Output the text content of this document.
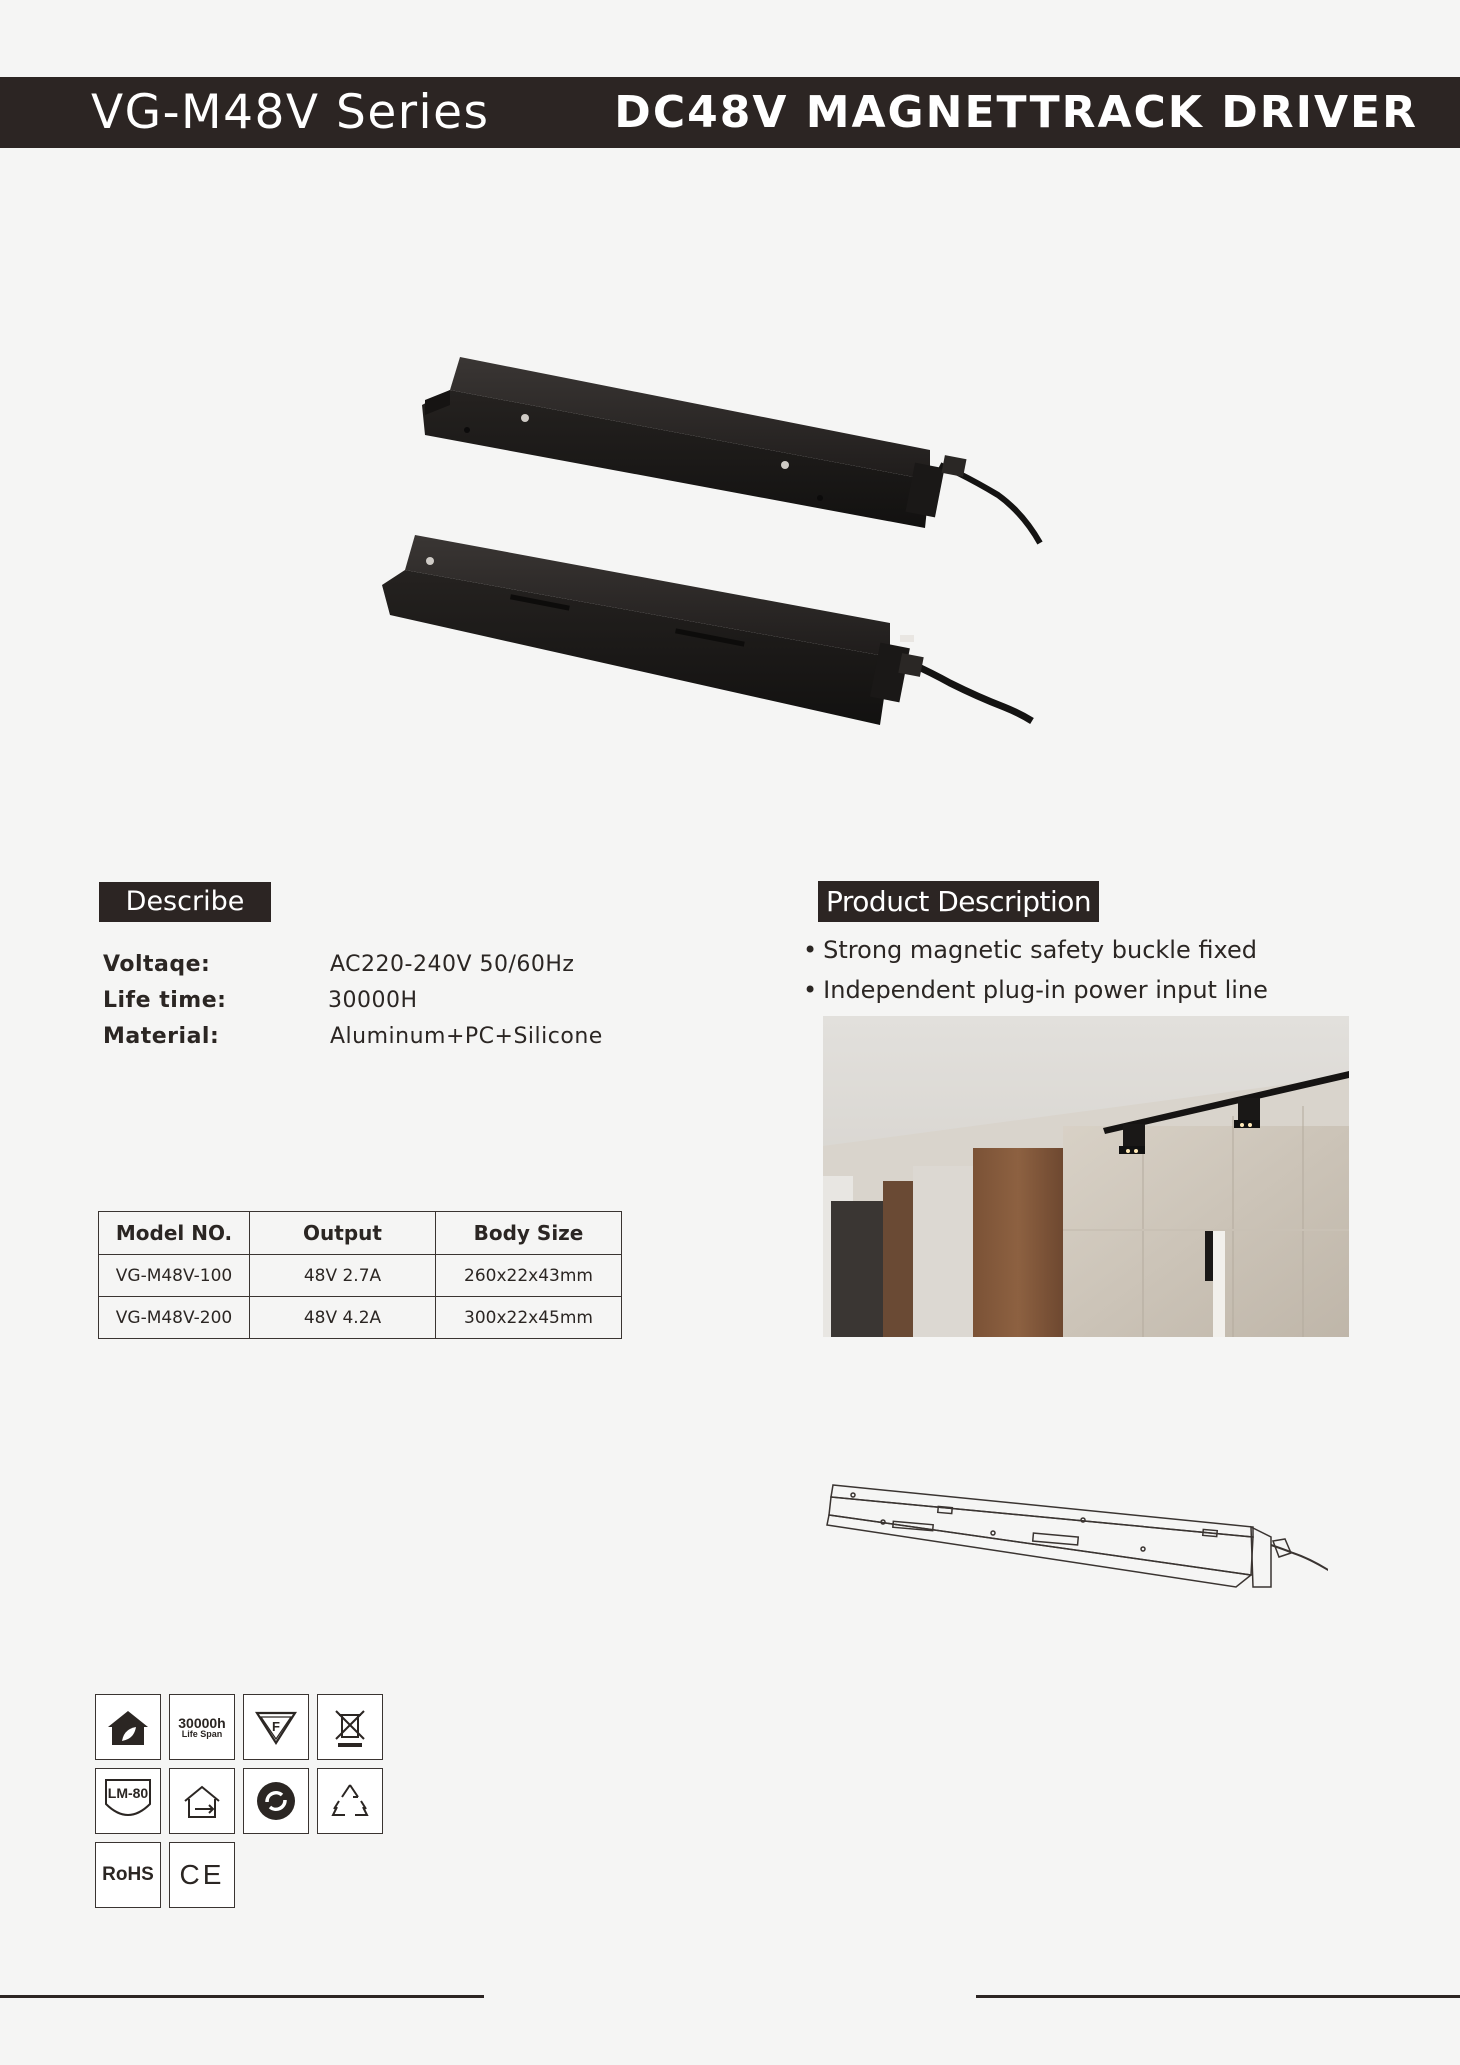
VG-M48V Series	DC48V MAGNETTRACK DRIVER
Describe
Voltaqe:	AC220-240V 50/60Hz
Life time:	30000H
Material:	Aluminum+PC+Silicone
Product Description
• Strong magnetic safety buckle fixed
• Independent plug-in power input line
Model NO.	Output	Body Size
VG-M48V-100	48V 2.7A	260x22x43mm
VG-M48V-200	48V 4.2A	300x22x45mm
30000h
Life Span	F
LM-80
RoHS CE
